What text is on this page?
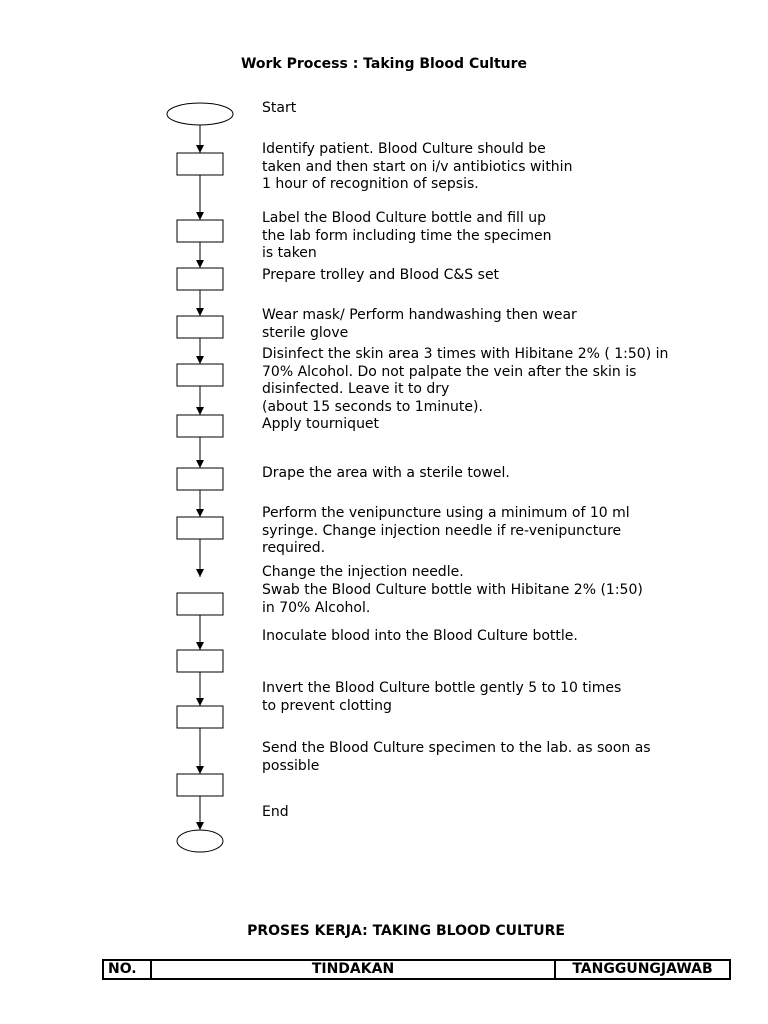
Work Process : Taking Blood Culture
Start
Identify patient. Blood Culture should be
taken and then start on i/v antibiotics within
1 hour of recognition of sepsis.
Label the Blood Culture bottle and fill up
the lab form including time the specimen
is taken
Prepare trolley and Blood C&S set
Wear mask/ Perform handwashing then wear
sterile glove
Disinfect the skin area 3 times with Hibitane 2% ( 1:50) in
70% Alcohol. Do not palpate the vein after the skin is
disinfected. Leave it to dry
(about 15 seconds to 1minute).
Apply tourniquet
Drape the area with a sterile towel.
Perform the venipuncture using a minimum of 10 ml
syringe. Change injection needle if re-venipuncture
required.
Change the injection needle.
Swab the Blood Culture bottle with Hibitane 2% (1:50)
in 70% Alcohol.
Inoculate blood into the Blood Culture bottle.
Invert the Blood Culture bottle gently 5 to 10 times
to prevent clotting
Send the Blood Culture specimen to the lab. as soon as
possible
End
PROSES KERJA: TAKING BLOOD CULTURE
NO.	TINDAKAN	TANGGUNGJAWAB
